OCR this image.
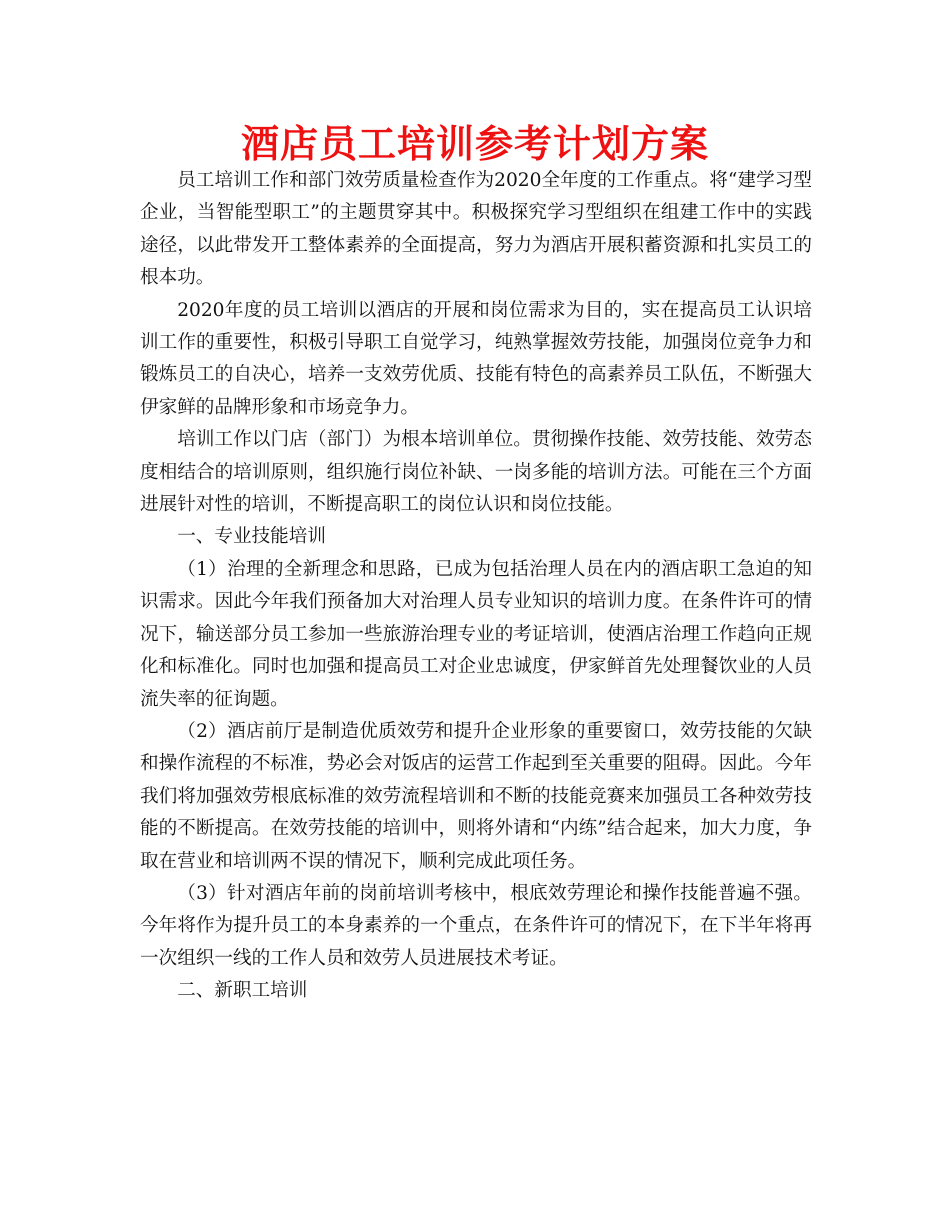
酒店员工培训参考计划方案

员工培训工作和部门效劳质量检查作为2020全年度的工作重点。将“建学习型企业，当智能型职工”的主题贯穿其中。积极探究学习型组织在组建工作中的实践途径，以此带发开工整体素养的全面提高，努力为酒店开展积蓄资源和扎实员工的根本功。

2020年度的员工培训以酒店的开展和岗位需求为目的，实在提高员工认识培训工作的重要性，积极引导职工自觉学习，纯熟掌握效劳技能，加强岗位竞争力和锻炼员工的自决心，培养一支效劳优质、技能有特色的高素养员工队伍，不断强大伊家鲜的品牌形象和市场竞争力。

培训工作以门店（部门）为根本培训单位。贯彻操作技能、效劳技能、效劳态度相结合的培训原则，组织施行岗位补缺、一岗多能的培训方法。可能在三个方面进展针对性的培训，不断提高职工的岗位认识和岗位技能。

一、专业技能培训

（1）治理的全新理念和思路，已成为包括治理人员在内的酒店职工急迫的知识需求。因此今年我们预备加大对治理人员专业知识的培训力度。在条件许可的情况下，输送部分员工参加一些旅游治理专业的考证培训，使酒店治理工作趋向正规化和标准化。同时也加强和提高员工对企业忠诚度，伊家鲜首先处理餐饮业的人员流失率的征询题。

（2）酒店前厅是制造优质效劳和提升企业形象的重要窗口，效劳技能的欠缺和操作流程的不标准，势必会对饭店的运营工作起到至关重要的阻碍。因此。今年我们将加强效劳根底标准的效劳流程培训和不断的技能竞赛来加强员工各种效劳技能的不断提高。在效劳技能的培训中，则将外请和“内练”结合起来，加大力度，争取在营业和培训两不误的情况下，顺利完成此项任务。

（3）针对酒店年前的岗前培训考核中，根底效劳理论和操作技能普遍不强。今年将作为提升员工的本身素养的一个重点，在条件许可的情况下，在下半年将再一次组织一线的工作人员和效劳人员进展技术考证。

二、新职工培训
